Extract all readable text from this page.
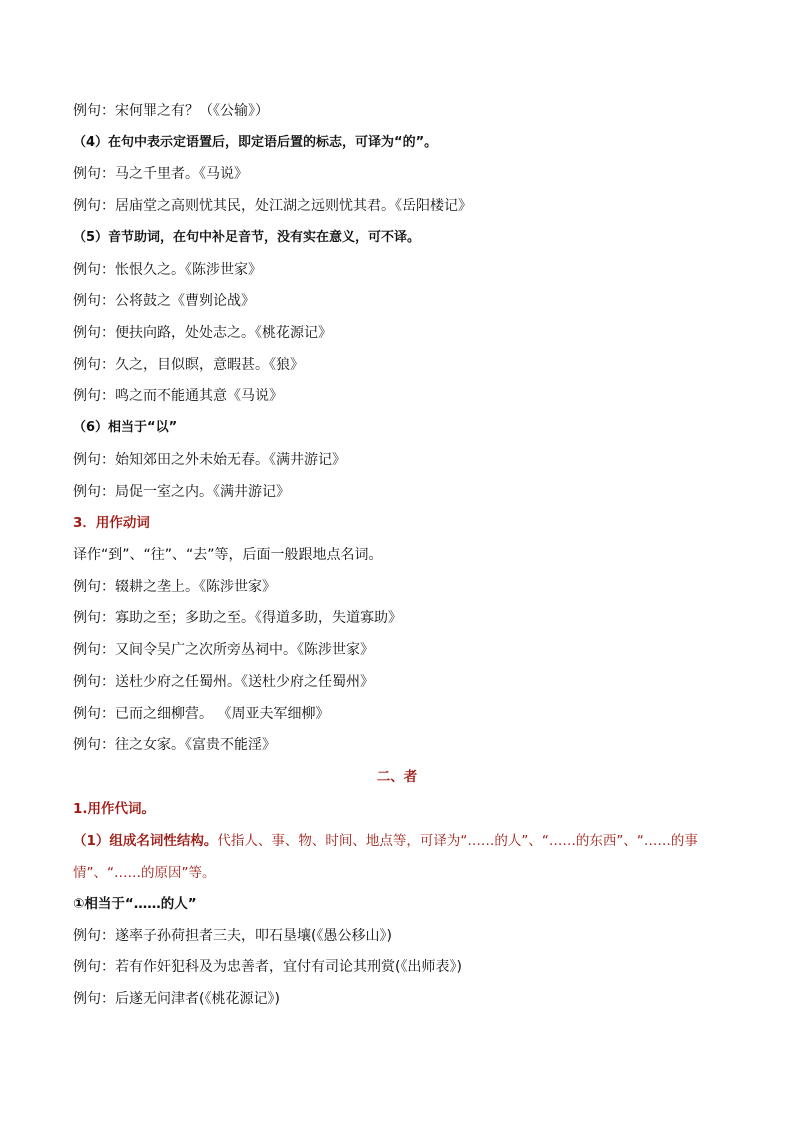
例句：宋何罪之有？（《公输》）
（4）在句中表示定语置后，即定语后置的标志，可译为“的”。
例句：马之千里者。《马说》
例句：居庙堂之高则忧其民，处江湖之远则忧其君。《岳阳楼记》
（5）音节助词，在句中补足音节，没有实在意义，可不译。
例句：怅恨久之。《陈涉世家》
例句：公将鼓之《曹刿论战》
例句：便扶向路，处处志之。《桃花源记》
例句：久之，目似瞑，意暇甚。《狼》
例句：鸣之而不能通其意《马说》
（6）相当于“以”
例句：始知郊田之外未始无春。《满井游记》
例句：局促一室之内。《满井游记》
3．用作动词
译作“到”、“往”、“去”等，后面一般跟地点名词。
例句：辍耕之垄上。《陈涉世家》
例句：寡助之至；多助之至。《得道多助，失道寡助》
例句：又间令吴广之次所旁丛祠中。《陈涉世家》
例句：送杜少府之任蜀州。《送杜少府之任蜀州》
例句：已而之细柳营。 《周亚夫军细柳》
例句：往之女家。《富贵不能淫》
二、者
1.用作代词。
（1）组成名词性结构。代指人、事、物、时间、地点等，可译为“……的人”、“……的东西”、“……的事情”、“……的原因”等。
①相当于“……的人”
例句：遂率子孙荷担者三夫，叩石垦壤(《愚公移山》)
例句：若有作奸犯科及为忠善者，宜付有司论其刑赏(《出师表》)
例句：后遂无问津者(《桃花源记》)
